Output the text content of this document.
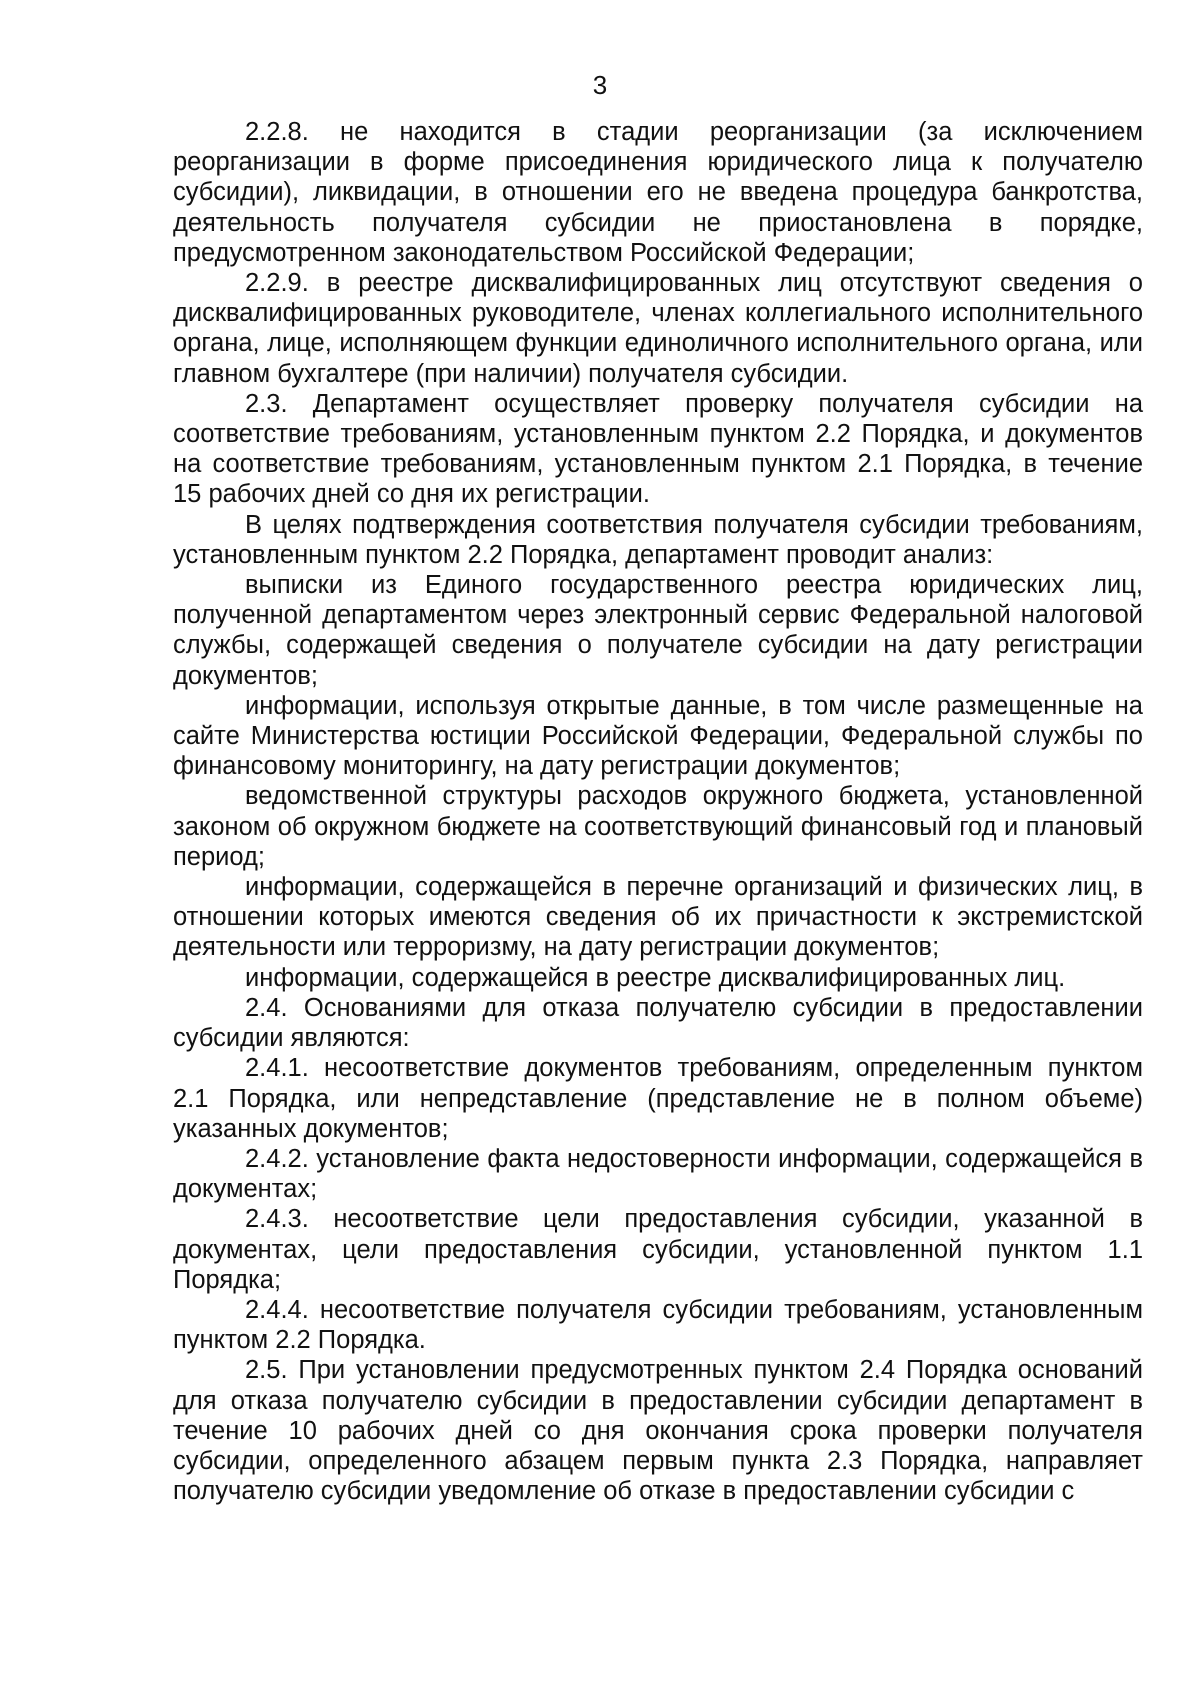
3

2.2.8. не находится в стадии реорганизации (за исключением реорганизации в форме присоединения юридического лица к получателю субсидии), ликвидации, в отношении его не введена процедура банкротства, деятельность получателя субсидии не приостановлена в порядке, предусмотренном законодательством Российской Федерации;

2.2.9. в реестре дисквалифицированных лиц отсутствуют сведения о дисквалифицированных руководителе, членах коллегиального исполнительного органа, лице, исполняющем функции единоличного исполнительного органа, или главном бухгалтере (при наличии) получателя субсидии.

2.3. Департамент осуществляет проверку получателя субсидии на соответствие требованиям, установленным пунктом 2.2 Порядка, и документов на соответствие требованиям, установленным пунктом 2.1 Порядка, в течение 15 рабочих дней со дня их регистрации.

В целях подтверждения соответствия получателя субсидии требованиям, установленным пунктом 2.2 Порядка, департамент проводит анализ:

выписки из Единого государственного реестра юридических лиц, полученной департаментом через электронный сервис Федеральной налоговой службы, содержащей сведения о получателе субсидии на дату регистрации документов;

информации, используя открытые данные, в том числе размещенные на сайте Министерства юстиции Российской Федерации, Федеральной службы по финансовому мониторингу, на дату регистрации документов;

ведомственной структуры расходов окружного бюджета, установленной законом об окружном бюджете на соответствующий финансовый год и плановый период;

информации, содержащейся в перечне организаций и физических лиц, в отношении которых имеются сведения об их причастности к экстремистской деятельности или терроризму, на дату регистрации документов;

информации, содержащейся в реестре дисквалифицированных лиц.

2.4. Основаниями для отказа получателю субсидии в предоставлении субсидии являются:

2.4.1. несоответствие документов требованиям, определенным пунктом 2.1 Порядка, или непредставление (представление не в полном объеме) указанных документов;

2.4.2. установление факта недостоверности информации, содержащейся в документах;

2.4.3. несоответствие цели предоставления субсидии, указанной в документах, цели предоставления субсидии, установленной пунктом 1.1 Порядка;

2.4.4. несоответствие получателя субсидии требованиям, установленным пунктом 2.2 Порядка.

2.5. При установлении предусмотренных пунктом 2.4 Порядка оснований для отказа получателю субсидии в предоставлении субсидии департамент в течение 10 рабочих дней со дня окончания срока проверки получателя субсидии, определенного абзацем первым пункта 2.3 Порядка, направляет получателю субсидии уведомление об отказе в предоставлении субсидии с
